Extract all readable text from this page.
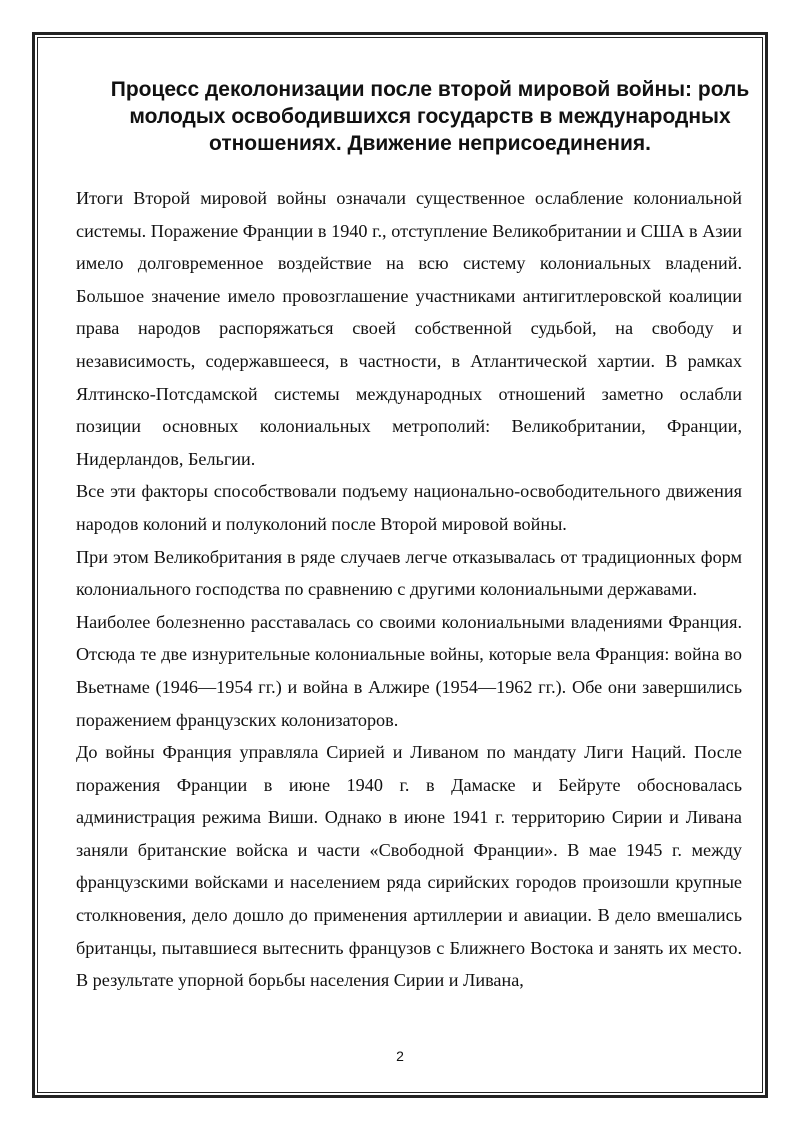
Процесс деколонизации после второй мировой войны: роль молодых освободившихся государств в международных отношениях. Движение неприсоединения.

Итоги Второй мировой войны означали существенное ослабление колониальной системы. Поражение Франции в 1940 г., отступление Великобритании и США в Азии имело долговременное воздействие на всю систему колониальных владений. Большое значение имело провозглашение участниками антигитлеровской коалиции права народов распоряжаться своей собственной судьбой, на свободу и независимость, содержавшееся, в частности, в Атлантической хартии. В рамках Ялтинско-Потсдамской системы международных отношений заметно ослабли позиции основных колониальных метрополий: Великобритании, Франции, Нидерландов, Бельгии.

Все эти факторы способствовали подъему национально-освободительного движения народов колоний и полуколоний после Второй мировой войны.

При этом Великобритания в ряде случаев легче отказывалась от традиционных форм колониального господства по сравнению с другими колониальными державами.

Наиболее болезненно расставалась со своими колониальными владениями Франция. Отсюда те две изнурительные колониальные войны, которые вела Франция: война во Вьетнаме (1946—1954 гг.) и война в Алжире (1954—1962 гг.). Обе они завершились поражением французских колонизаторов.

До войны Франция управляла Сирией и Ливаном по мандату Лиги Наций. После поражения Франции в июне 1940 г. в Дамаске и Бейруте обосновалась администрация режима Виши. Однако в июне 1941 г. территорию Сирии и Ливана заняли британские войска и части «Свободной Франции». В мае 1945 г. между французскими войсками и населением ряда сирийских городов произошли крупные столкновения, дело дошло до применения артиллерии и авиации. В дело вмешались британцы, пытавшиеся вытеснить французов с Ближнего Востока и занять их место. В результате упорной борьбы населения Сирии и Ливана,

2
